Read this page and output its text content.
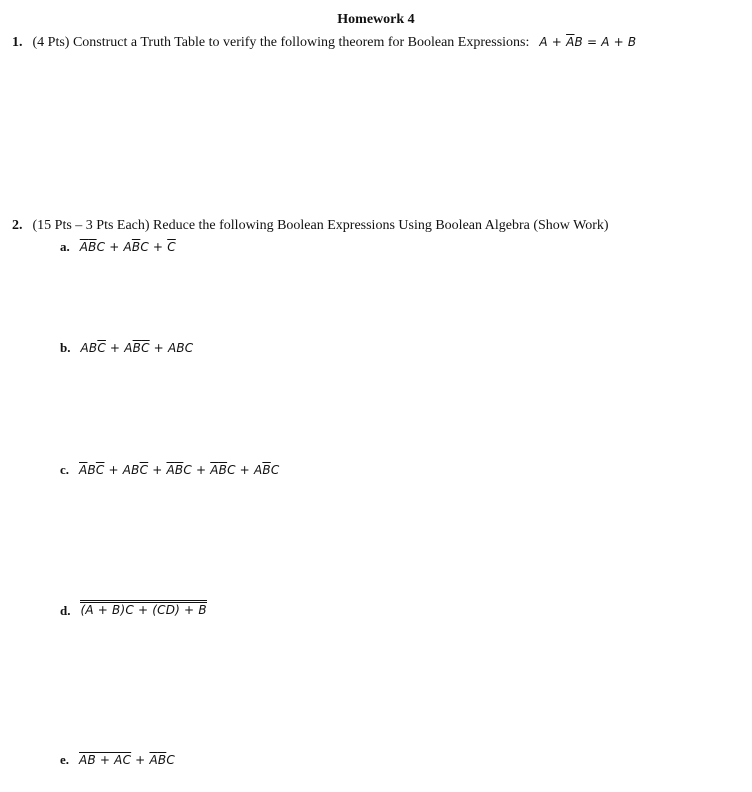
Homework 4
1. (4 Pts) Construct a Truth Table to verify the following theorem for Boolean Expressions: $A + \overline{A}B = A + B$
2. (15 Pts – 3 Pts Each) Reduce the following Boolean Expressions Using Boolean Algebra (Show Work)
a. $\overline{A}\overline{B}C + A\overline{B}C + \overline{C}$
b. $AB\overline{C} + A\overline{B}\overline{C}$ + ABC
c. $\overline{A}B\overline{C} + AB\overline{C} + \overline{A}\overline{B}C + \overline{A}\overline{B}C + A\overline{B}C$
d. (A + B)C + (CD) + B
e. AB + AC + $\overline{A}\overline{B}C$
